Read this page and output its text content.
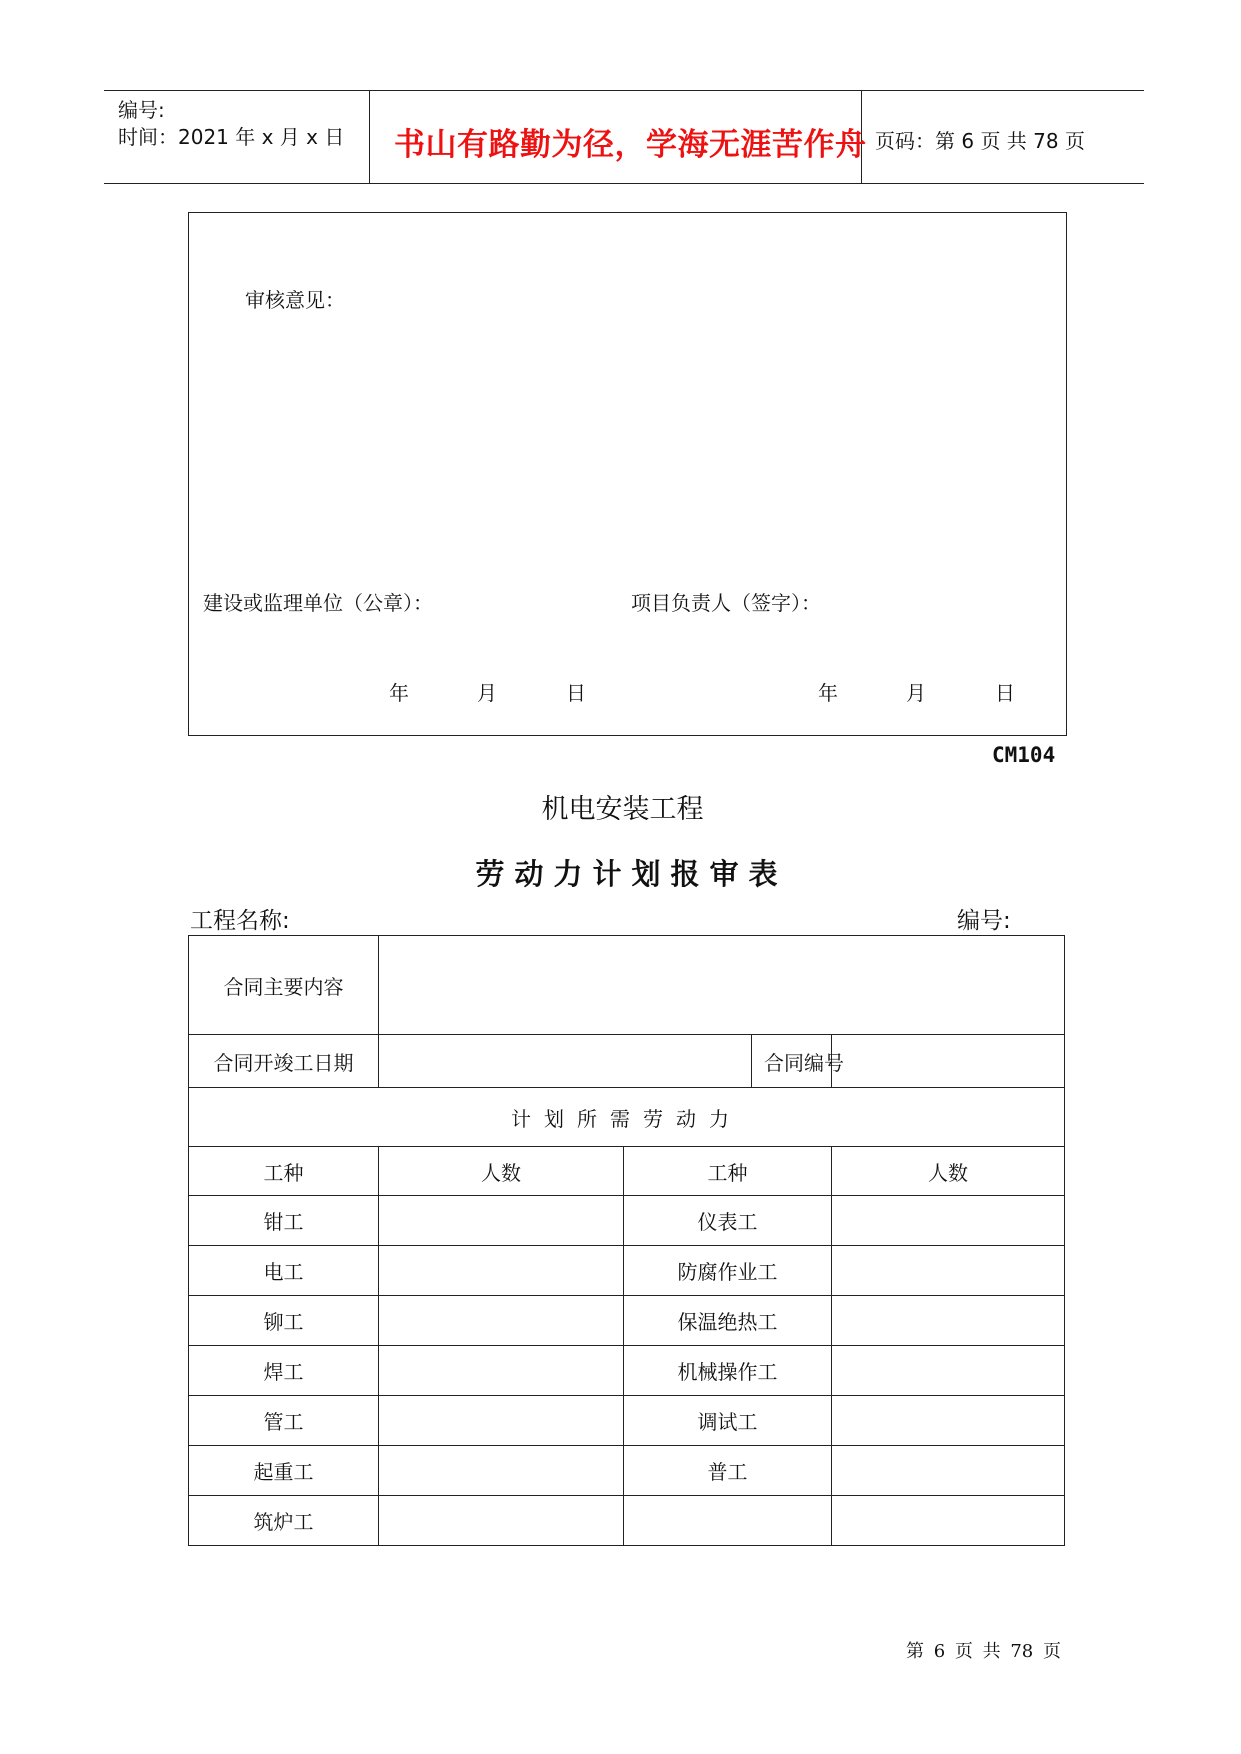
编号:
时间：2021 年 x 月 x 日 书山有路勤为径，学海无涯苦作舟 页码：第 6 页 共 78 页
审核意见：
建设或监理单位（公章）：	项目负责人（签字）：
年	月	日	年	月	日
CM104
机电安装工程
劳动力计划报审表
工程名称:	编号:
合同主要内容				
合同开竣工日期			合同编号	
计划所需劳动力				
工种	人数	工种		人数
钳工		仪表工		
电工		防腐作业工		
铆工		保温绝热工		
焊工		机械操作工		
管工		调试工		
起重工		普工		
筑炉工				
第 6 页 共 78 页
